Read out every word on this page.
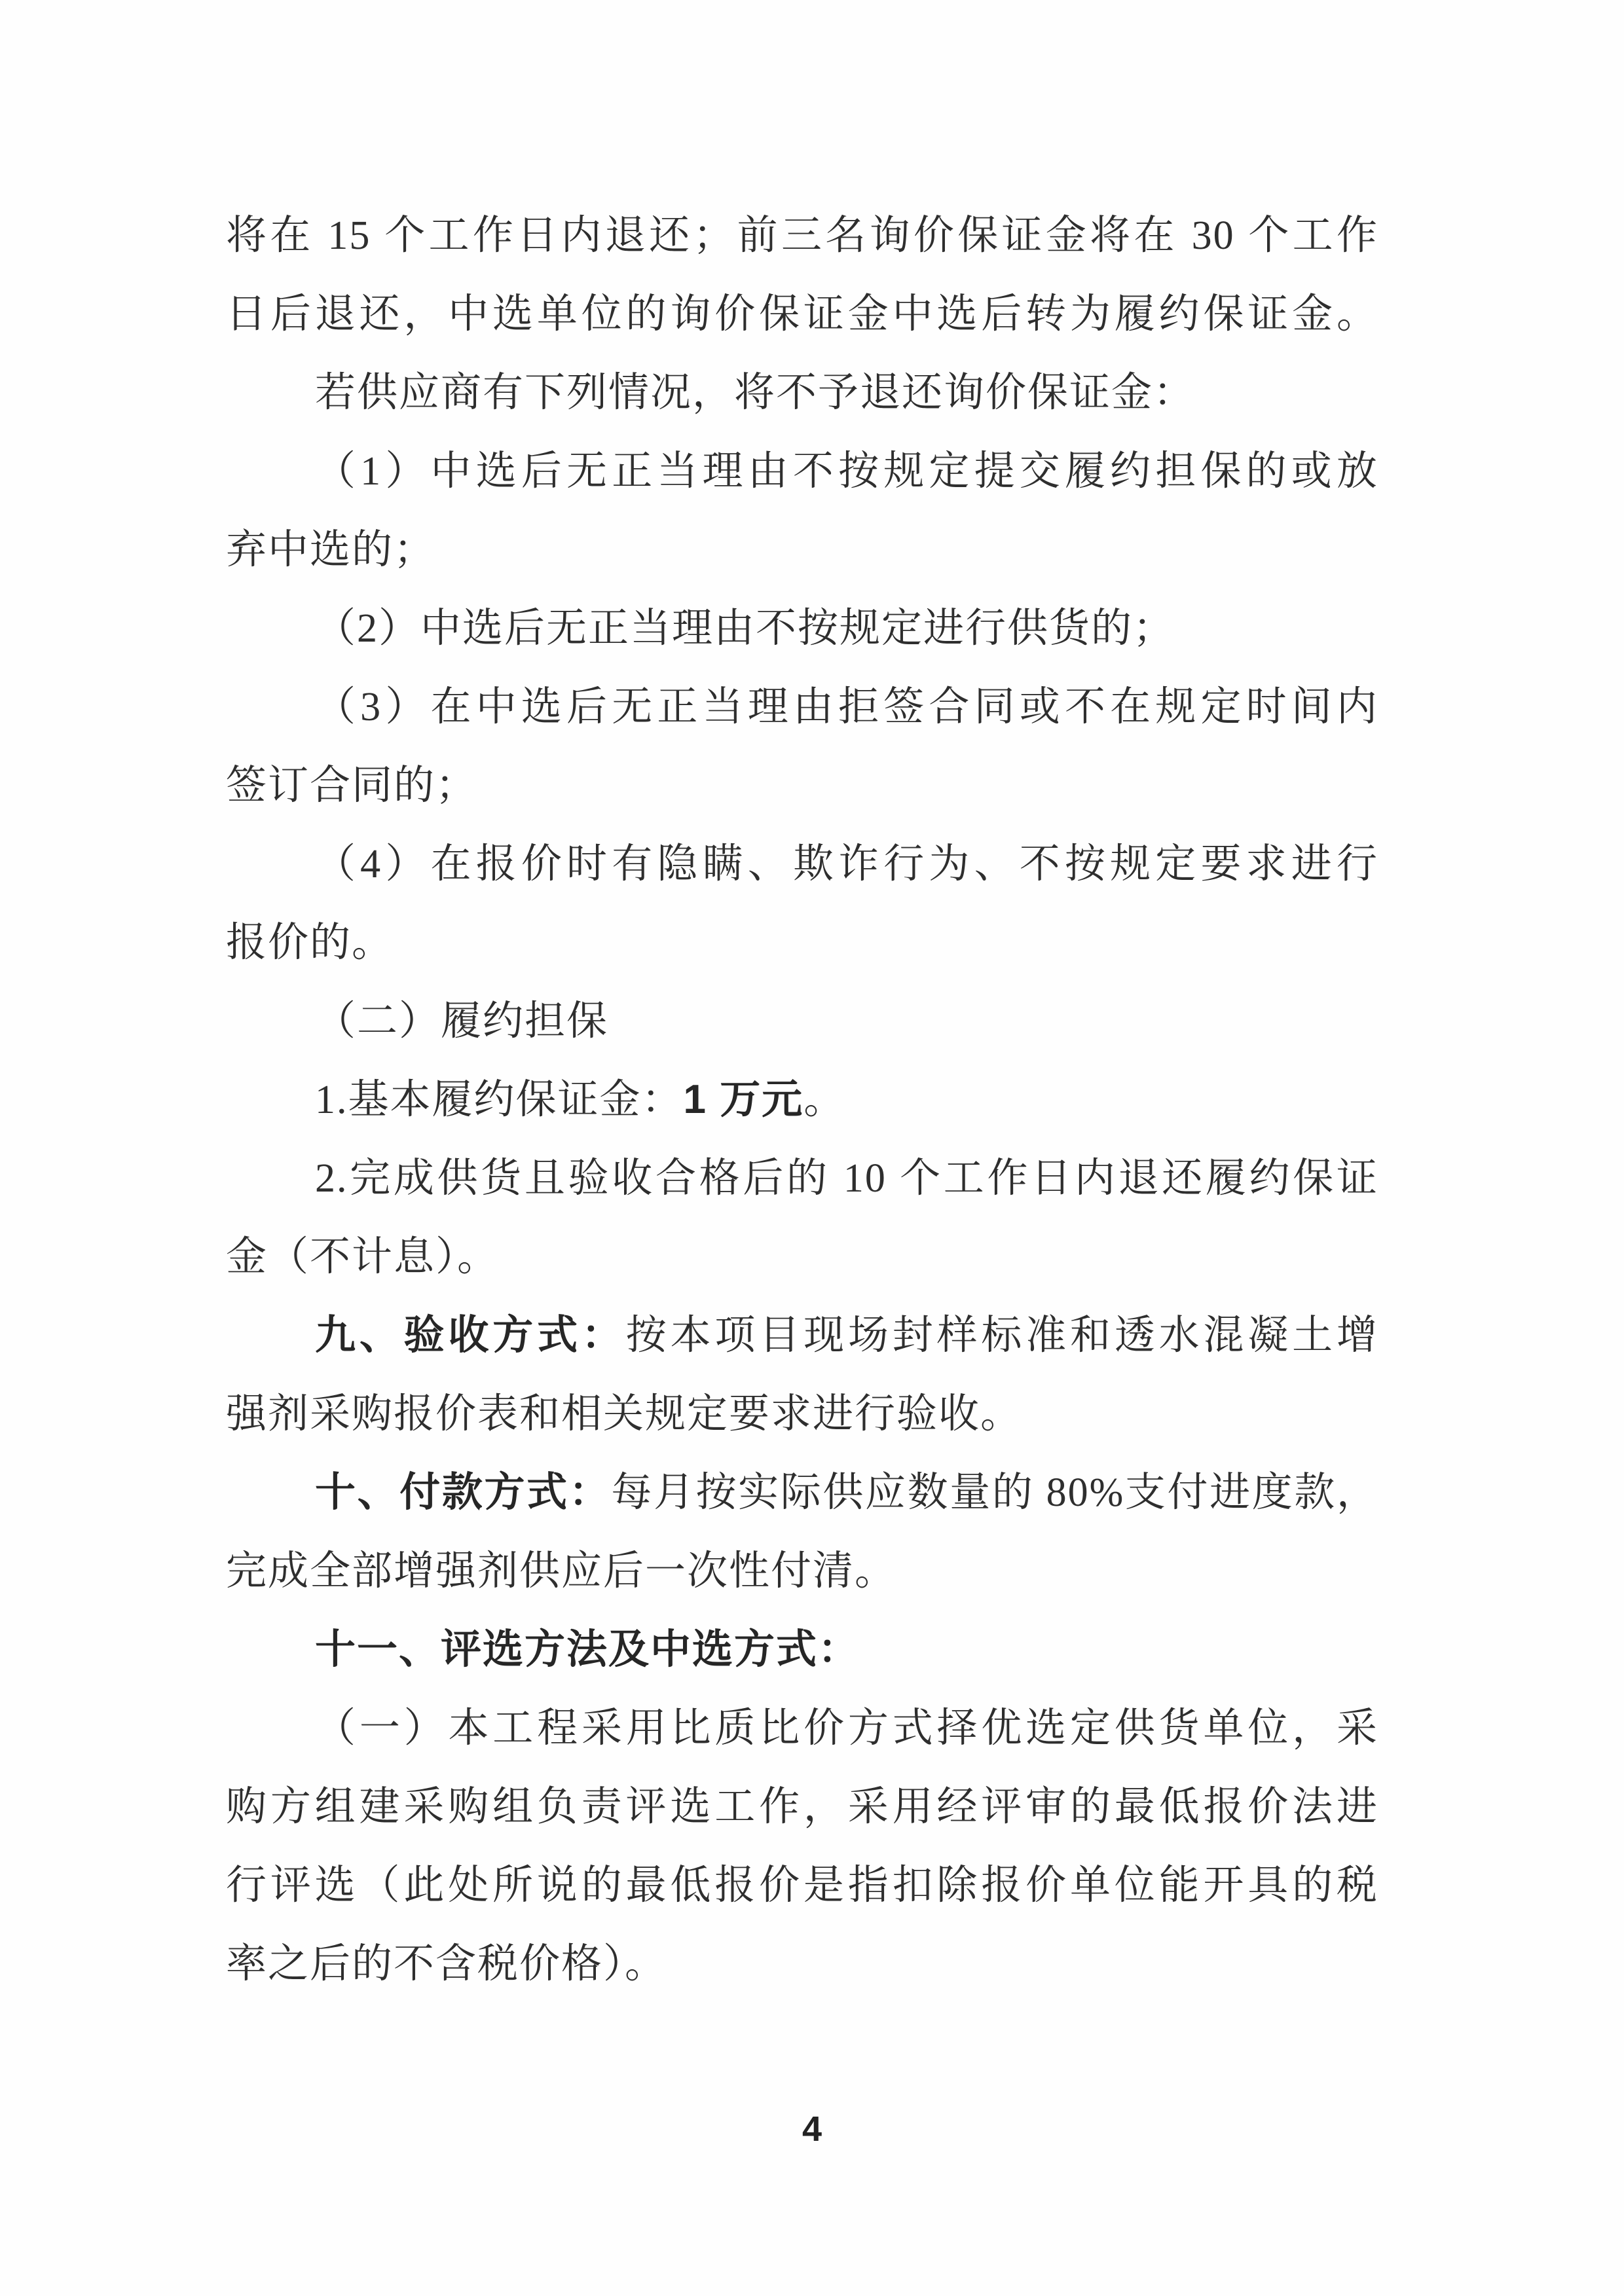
将在 15 个工作日内退还；前三名询价保证金将在 30 个工作
日后退还，中选单位的询价保证金中选后转为履约保证金。
若供应商有下列情况，将不予退还询价保证金：
（1）中选后无正当理由不按规定提交履约担保的或放
弃中选的；
（2）中选后无正当理由不按规定进行供货的；
（3）在中选后无正当理由拒签合同或不在规定时间内
签订合同的；
（4）在报价时有隐瞒、欺诈行为、不按规定要求进行
报价的。
（二）履约担保
1.基本履约保证金：1 万元。
2.完成供货且验收合格后的 10 个工作日内退还履约保证
金（不计息）。
九、验收方式：按本项目现场封样标准和透水混凝土增
强剂采购报价表和相关规定要求进行验收。
十、付款方式：每月按实际供应数量的 80%支付进度款，
完成全部增强剂供应后一次性付清。
十一、评选方法及中选方式：
（一）本工程采用比质比价方式择优选定供货单位，采
购方组建采购组负责评选工作，采用经评审的最低报价法进
行评选（此处所说的最低报价是指扣除报价单位能开具的税
率之后的不含税价格）。
4
